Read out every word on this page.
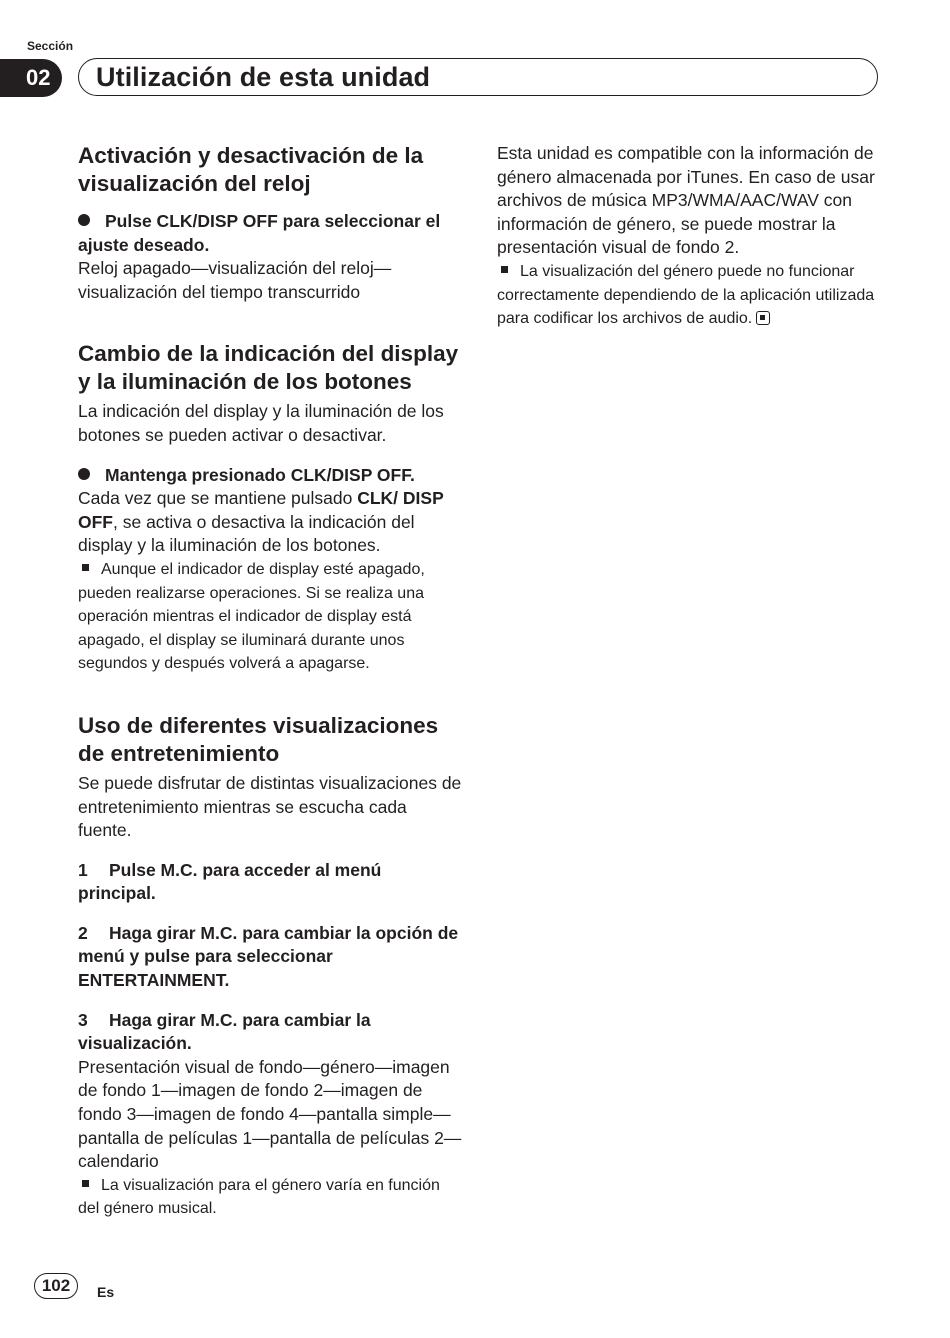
Sección
02 Utilización de esta unidad
Activación y desactivación de la visualización del reloj

Pulse CLK/DISP OFF para seleccionar el ajuste deseado.

Reloj apagado—visualización del reloj—visualización del tiempo transcurrido

Cambio de la indicación del display y la iluminación de los botones

La indicación del display y la iluminación de los botones se pueden activar o desactivar.

Mantenga presionado CLK/DISP OFF.

Cada vez que se mantiene pulsado CLK/ DISP OFF, se activa o desactiva la indicación del display y la iluminación de los botones.

Aunque el indicador de display esté apagado, pueden realizarse operaciones. Si se realiza una operación mientras el indicador de display está apagado, el display se iluminará durante unos segundos y después volverá a apagarse.

Uso de diferentes visualizaciones de entretenimiento

Se puede disfrutar de distintas visualizaciones de entretenimiento mientras se escucha cada fuente.

1 Pulse M.C. para acceder al menú principal.

2 Haga girar M.C. para cambiar la opción de menú y pulse para seleccionar ENTERTAINMENT.

3 Haga girar M.C. para cambiar la visualización.

Presentación visual de fondo—género—imagen de fondo 1—imagen de fondo 2—imagen de fondo 3—imagen de fondo 4—pantalla simple—pantalla de películas 1—pantalla de películas 2—calendario

La visualización para el género varía en función del género musical.

Esta unidad es compatible con la información de género almacenada por iTunes. En caso de usar archivos de música MP3/WMA/AAC/WAV con información de género, se puede mostrar la presentación visual de fondo 2.

La visualización del género puede no funcionar correctamente dependiendo de la aplicación utilizada para codificar los archivos de audio.

102	Es
